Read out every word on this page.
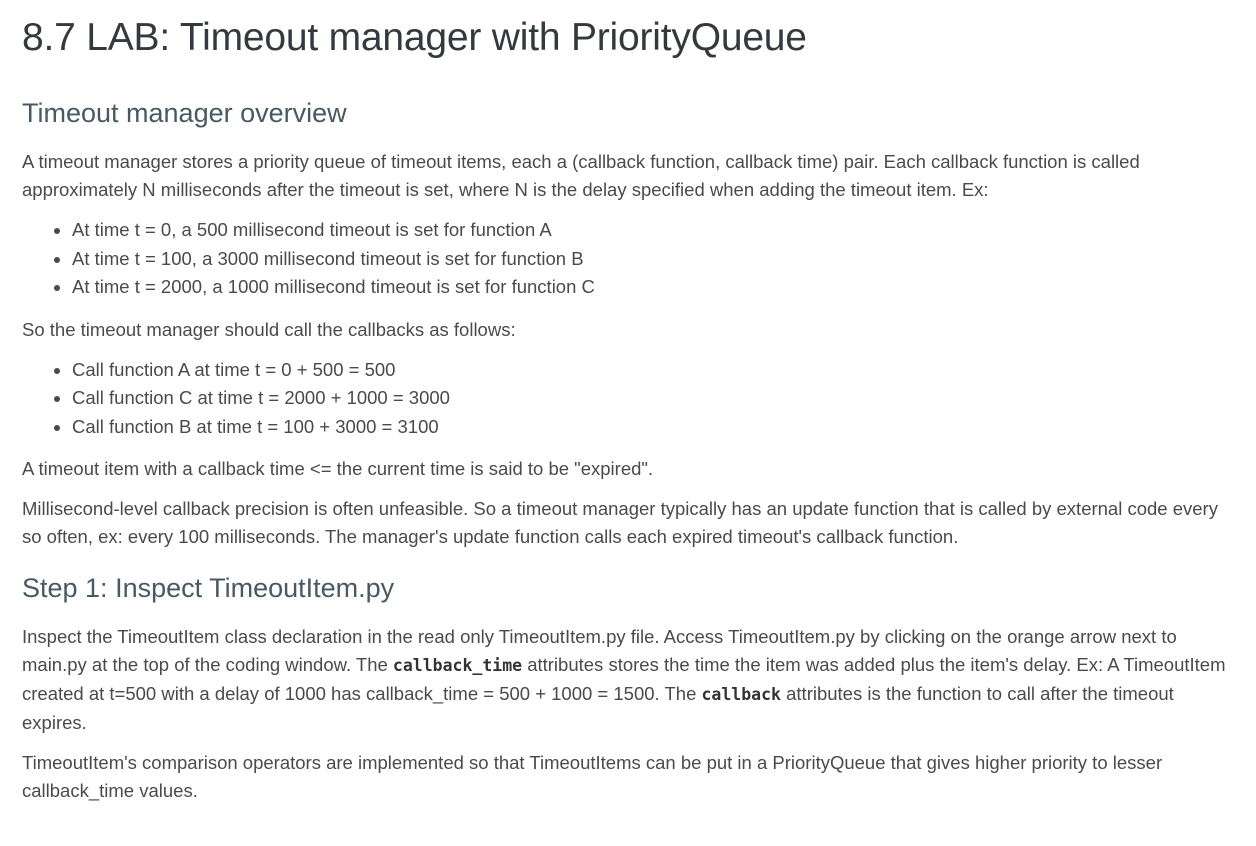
8.7 LAB: Timeout manager with PriorityQueue
Timeout manager overview

A timeout manager stores a priority queue of timeout items, each a (callback function, callback time) pair. Each callback function is called approximately N milliseconds after the timeout is set, where N is the delay specified when adding the timeout item. Ex:

• At time t = 0, a 500 millisecond timeout is set for function A
• At time t = 100, a 3000 millisecond timeout is set for function B
• At time t = 2000, a 1000 millisecond timeout is set for function C

So the timeout manager should call the callbacks as follows:

• Call function A at time t = 0 + 500 = 500
• Call function C at time t = 2000 + 1000 = 3000
• Call function B at time t = 100 + 3000 = 3100

A timeout item with a callback time <= the current time is said to be "expired".

Millisecond-level callback precision is often unfeasible. So a timeout manager typically has an update function that is called by external code every so often, ex: every 100 milliseconds. The manager's update function calls each expired timeout's callback function.

Step 1: Inspect TimeoutItem.py

Inspect the TimeoutItem class declaration in the read only TimeoutItem.py file. Access TimeoutItem.py by clicking on the orange arrow next to main.py at the top of the coding window. The callback_time attributes stores the time the item was added plus the item's delay. Ex: A TimeoutItem created at t=500 with a delay of 1000 has callback_time = 500 + 1000 = 1500. The callback attributes is the function to call after the timeout expires.

TimeoutItem's comparison operators are implemented so that TimeoutItems can be put in a PriorityQueue that gives higher priority to lesser callback_time values.
